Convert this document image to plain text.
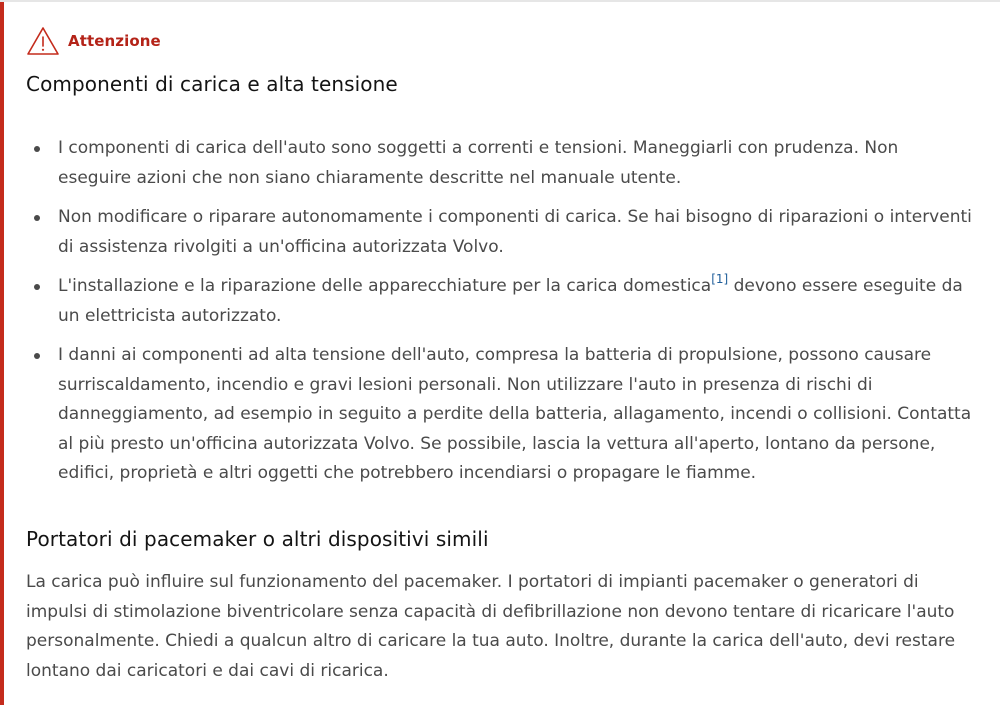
Attenzione
Componenti di carica e alta tensione
I componenti di carica dell'auto sono soggetti a correnti e tensioni. Maneggiarli con prudenza. Non eseguire azioni che non siano chiaramente descritte nel manuale utente.
Non modificare o riparare autonomamente i componenti di carica. Se hai bisogno di riparazioni o interventi di assistenza rivolgiti a un'officina autorizzata Volvo.
L'installazione e la riparazione delle apparecchiature per la carica domestica[1] devono essere eseguite da un elettricista autorizzato.
I danni ai componenti ad alta tensione dell'auto, compresa la batteria di propulsione, possono causare surriscaldamento, incendio e gravi lesioni personali. Non utilizzare l'auto in presenza di rischi di danneggiamento, ad esempio in seguito a perdite della batteria, allagamento, incendi o collisioni. Contatta al più presto un'officina autorizzata Volvo. Se possibile, lascia la vettura all'aperto, lontano da persone, edifici, proprietà e altri oggetti che potrebbero incendiarsi o propagare le fiamme.
Portatori di pacemaker o altri dispositivi simili

La carica può influire sul funzionamento del pacemaker. I portatori di impianti pacemaker o generatori di impulsi di stimolazione biventricolare senza capacità di defibrillazione non devono tentare di ricaricare l'auto personalmente. Chiedi a qualcun altro di caricare la tua auto. Inoltre, durante la carica dell'auto, devi restare lontano dai caricatori e dai cavi di ricarica.
